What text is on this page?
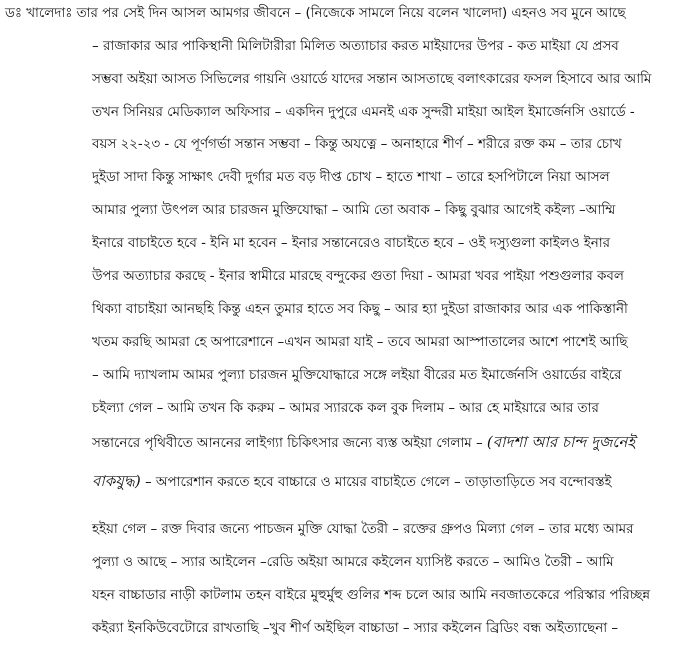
ডঃ খালেদাঃ তার পর সেই দিন আসল আমগর জীবনে – (নিজেকে সামলে নিয়ে বলেন খালেদা) এহনও সব মুনে আছে
– রাজাকার আর পাকিস্থানী মিলিটারীরা মিলিত অত্যাচার করত মাইয়াদের উপর - কত মাইয়া যে প্রসব
সম্ভবা অইয়া আসত সিভিলের গায়নি ওয়ার্ডে যাদের সন্তান আসতাছে বলাৎকারের ফসল হিসাবে আর আমি
তখন সিনিয়র মেডিক্যাল অফিসার – একদিন দুপুরে এমনই এক সুন্দরী মাইয়া আইল ইমার্জেনসি ওয়ার্ডে -
বয়স ২২-২৩ - যে পূর্ণগর্ভা সন্তান সম্ভবা – কিন্তু অযত্নে – অনাহারে শীর্ণ – শরীরে রক্ত কম – তার চোখ
দুইডা সাদা কিন্তু সাক্ষাৎ দেবী দুর্গার মত বড় দীপ্ত চোখ – হাতে শাখা – তারে হসপিটালে নিয়া আসল
আমার পুল্যা উৎপল আর চারজন মুক্তিযোদ্ধা – আমি তো অবাক – কিছু বুঝার আগেই কইল্য –আম্মি
ইনারে বাচাইতে হবে - ইনি মা হবেন – ইনার সন্তানেরেও বাচাইতে হবে – ওই দস্যুগুলা কাইলও ইনার
উপর অত্যাচার করছে - ইনার স্বামীরে মারছে বন্দুকের গুতা দিয়া - আমরা খবর পাইয়া পশুগুলার কবল
থিক্যা বাচাইয়া আনছহি কিন্তু এহন তুমার হাতে সব কিছু – আর হ্যা দুইডা রাজাকার আর এক পাকিস্তানী
খতম করছি আমরা হে অপারেশানে –এখন আমরা যাই – তবে আমরা আস্পাতালের আশে পাশেই আছি
– আমি দ্যাখলাম আমর পুল্যা চারজন মুক্তিযোদ্ধারে সঙ্গে লইয়া বীরের মত ইমার্জেনসি ওয়ার্ডের বাইরে
চইল্যা গেল – আমি তখন কি করুম – আমর স্যারকে কল বুক দিলাম – আর হে মাইয়ারে আর তার
সন্তানেরে পৃথিবীতে আননের লাইগ্যা চিকিৎসার জন্যে ব্যস্ত অইয়া গেলাম – (বাদশা আর চান্দ দুজনেই
বাকযুদ্ধ) – অপারেশান করতে হবে বাচ্চারে ও মায়ের বাচাইতে গেলে – তাড়াতাড়িতে সব বন্দোবস্তই
হইয়া গেল – রক্ত দিবার জন্যে পাচজন মুক্তি যোদ্ধা তৈরী – রক্তের গ্রুপও মিল্যা গেল – তার মধ্যে আমর
পুল্যা ও আছে – স্যার আইলেন –রেডি অইয়া আমরে কইলেন য্যাসিষ্ট করতে – আমিও তৈরী – আমি
যহন বাচ্চাডার নাড়ী কাটলাম তহন বাইরে মুহুর্মুহু গুলির শব্দ চলে আর আমি নবজাতকেরে পরিস্কার পরিচ্ছন্ন
কইর‍্যা ইনকিউবেটোরে রাখতাছি –খুব শীর্ণ অইছিল বাচ্চাডা – স্যার কইলেন ব্রিডিং বন্ধ অইত্যাছেনা –
